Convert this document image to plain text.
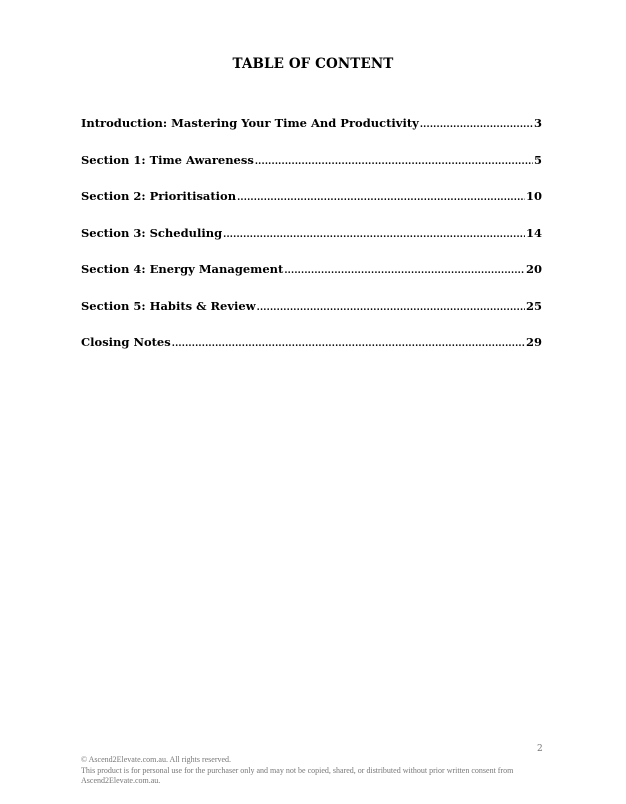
TABLE OF CONTENT
Introduction: Mastering Your Time And Productivity .....	3
Section 1: Time Awareness .....	5
Section 2: Prioritisation .....	10
Section 3: Scheduling .....	14
Section 4: Energy Management .....	20
Section 5: Habits & Review .....	25
Closing Notes .....	29
2
© Ascend2Elevate.com.au. All rights reserved.
This product is for personal use for the purchaser only and may not be copied, shared, or distributed without prior written consent from Ascend2Elevate.com.au.
